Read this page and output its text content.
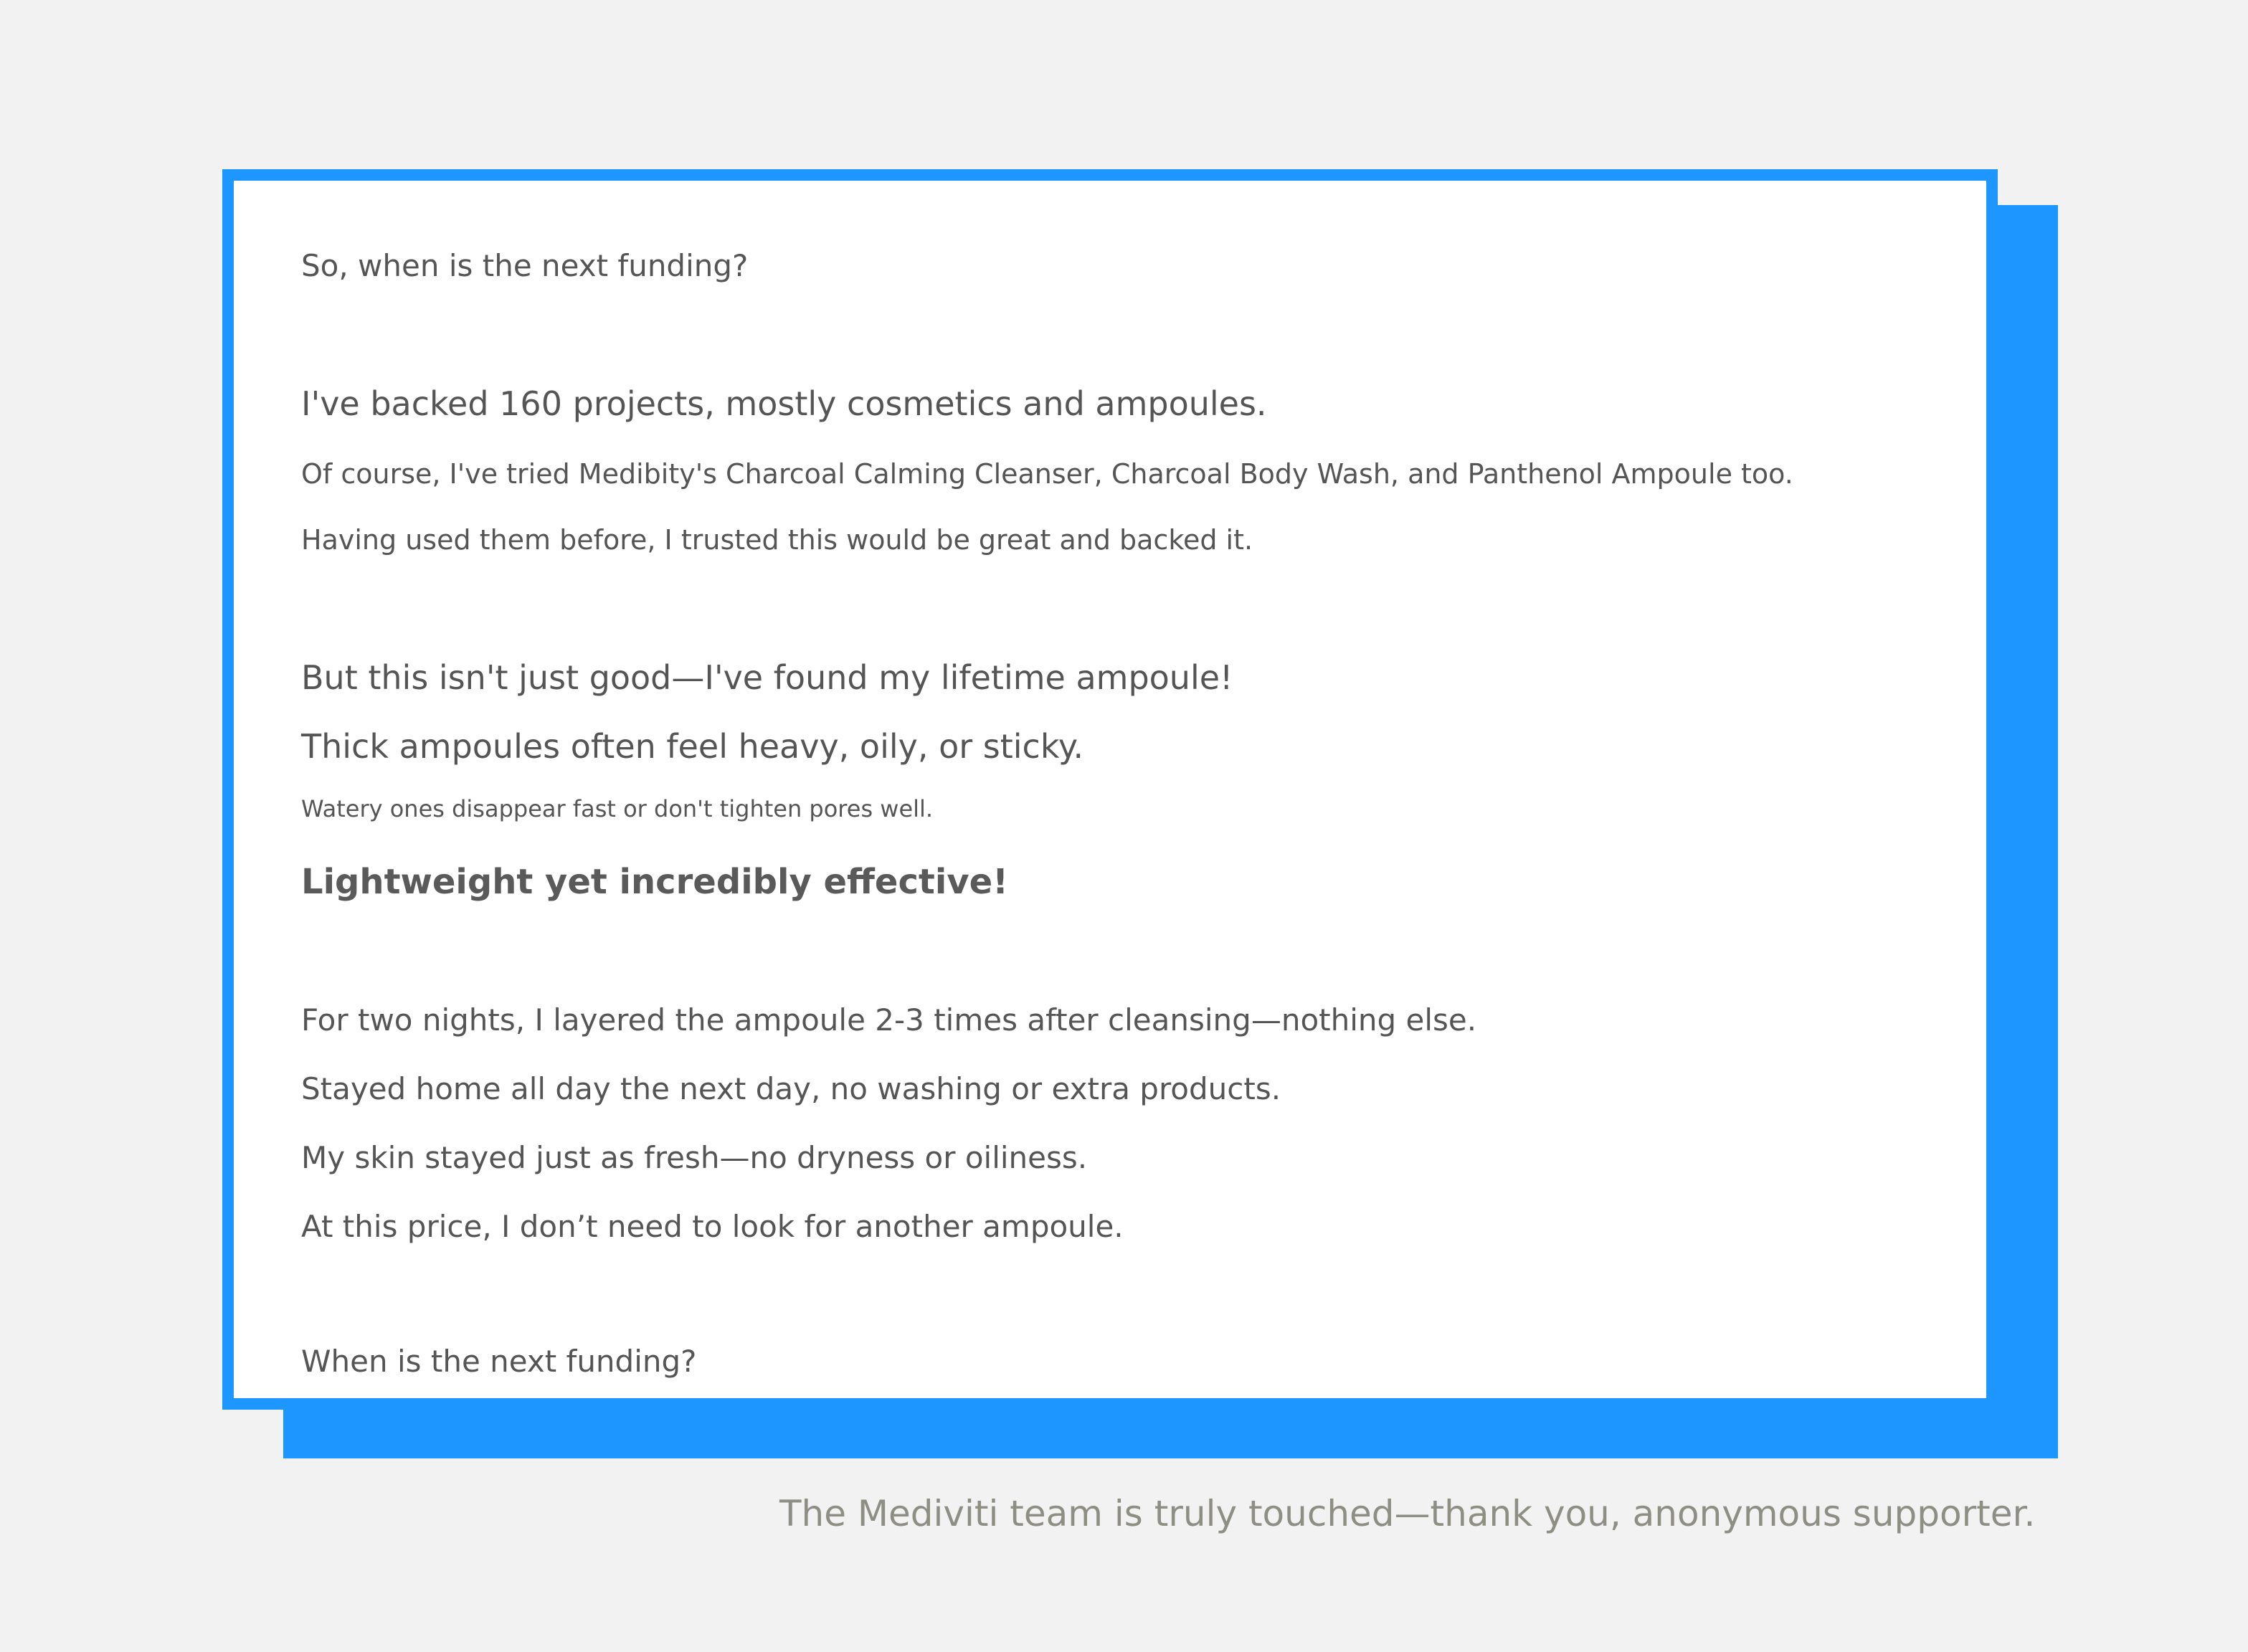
So, when is the next funding?

I've backed 160 projects, mostly cosmetics and ampoules.

Of course, I've tried Medibity's Charcoal Calming Cleanser, Charcoal Body Wash, and Panthenol Ampoule too.

Having used them before, I trusted this would be great and backed it.

But this isn't just good—I've found my lifetime ampoule!

Thick ampoules often feel heavy, oily, or sticky.

Watery ones disappear fast or don't tighten pores well.

Lightweight yet incredibly effective!

For two nights, I layered the ampoule 2-3 times after cleansing—nothing else.

Stayed home all day the next day, no washing or extra products.

My skin stayed just as fresh—no dryness or oiliness.

At this price, I don’t need to look for another ampoule.

When is the next funding?

The Mediviti team is truly touched—thank you, anonymous supporter.
